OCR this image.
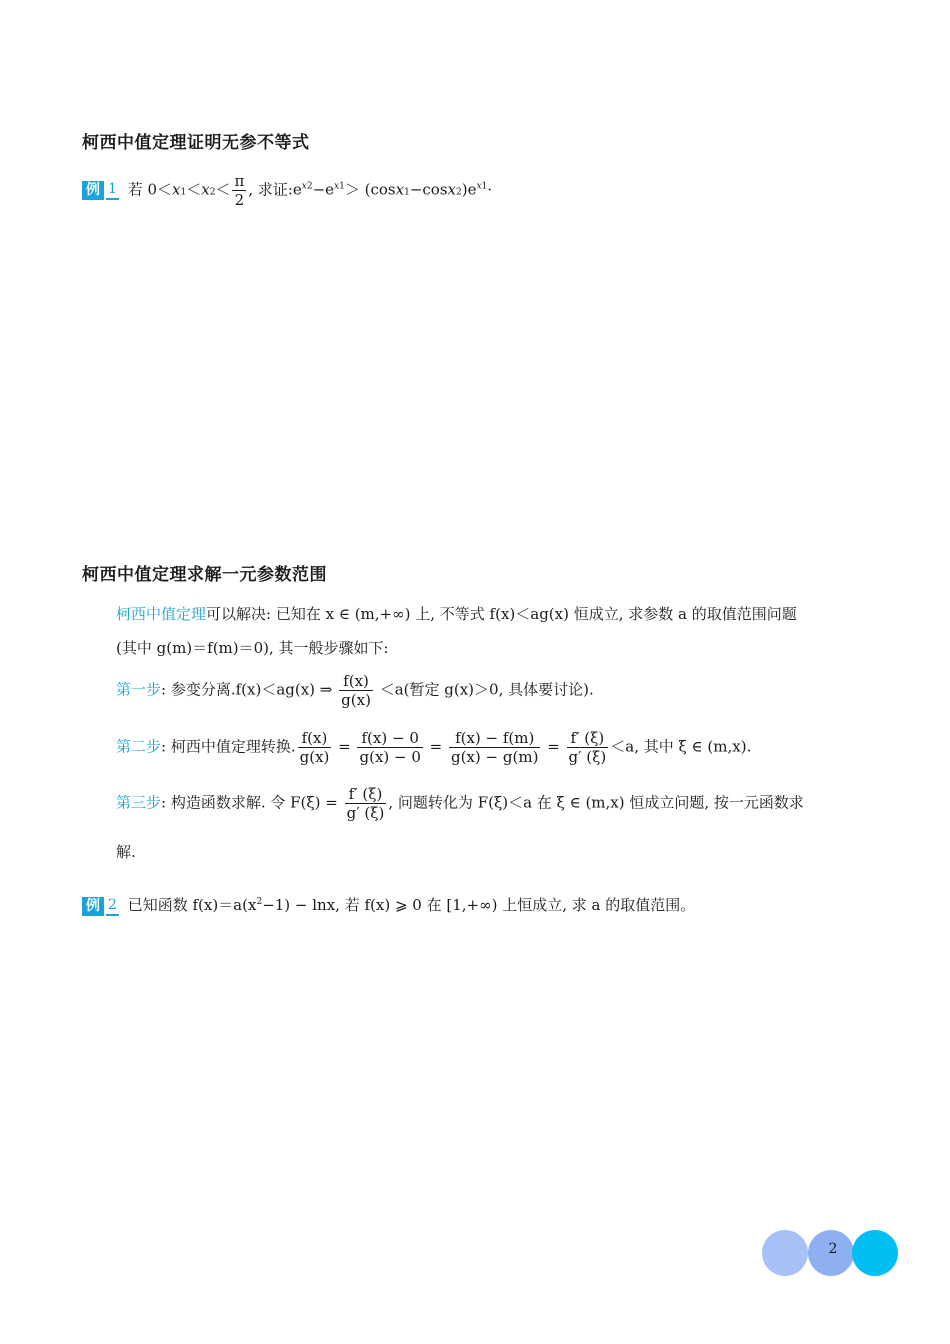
柯西中值定理证明无参不等式
例 1 若 $0<x1<x2< \frac{\pi}{2}$ , 求证$:e^{x2}-e^{x1}> (\cos x1-\cos x2)e^{x1}\cdot$
柯西中值定理求解一元参数范围
柯西中值定理可以解决: 已知在 x ∈ (m,+∞) 上, 不等式 f(x)＜ag(x) 恒成立, 求参数 a 的取值范围问题
(其中 g(m)＝f(m)＝0), 其一般步骤如下:
第一步: 参变分离.f(x)＜ag(x) ⇒ $\frac{f(x)}{g(x)} <a$(暂定 g(x)＞0, 具体要讨论).
第二步: 柯西中值定理转换. $\frac{f(x)}{g(x)} = \frac{f(x) - 0}{g(x) - 0} = \frac{f(x) - f(m)}{g(x) - g(m)} = \frac{f' (\xi)}{g' (\xi)} <a$, 其中 ξ ∈ (m,x).
第三步: 构造函数求解. 令 $F(\xi) = \frac{f' (\xi)}{g' (\xi)}$ , 问题转化为 F(ξ)＜a 在 ξ ∈ (m,x) 恒成立问题, 按一元函数求
解.
例 2 已知函数 $f(x)=a(x^2-1) - \ln x$, 若 f(x) ⩾ 0 在 [1,+∞) 上恒成立, 求 a 的取值范围。
2
